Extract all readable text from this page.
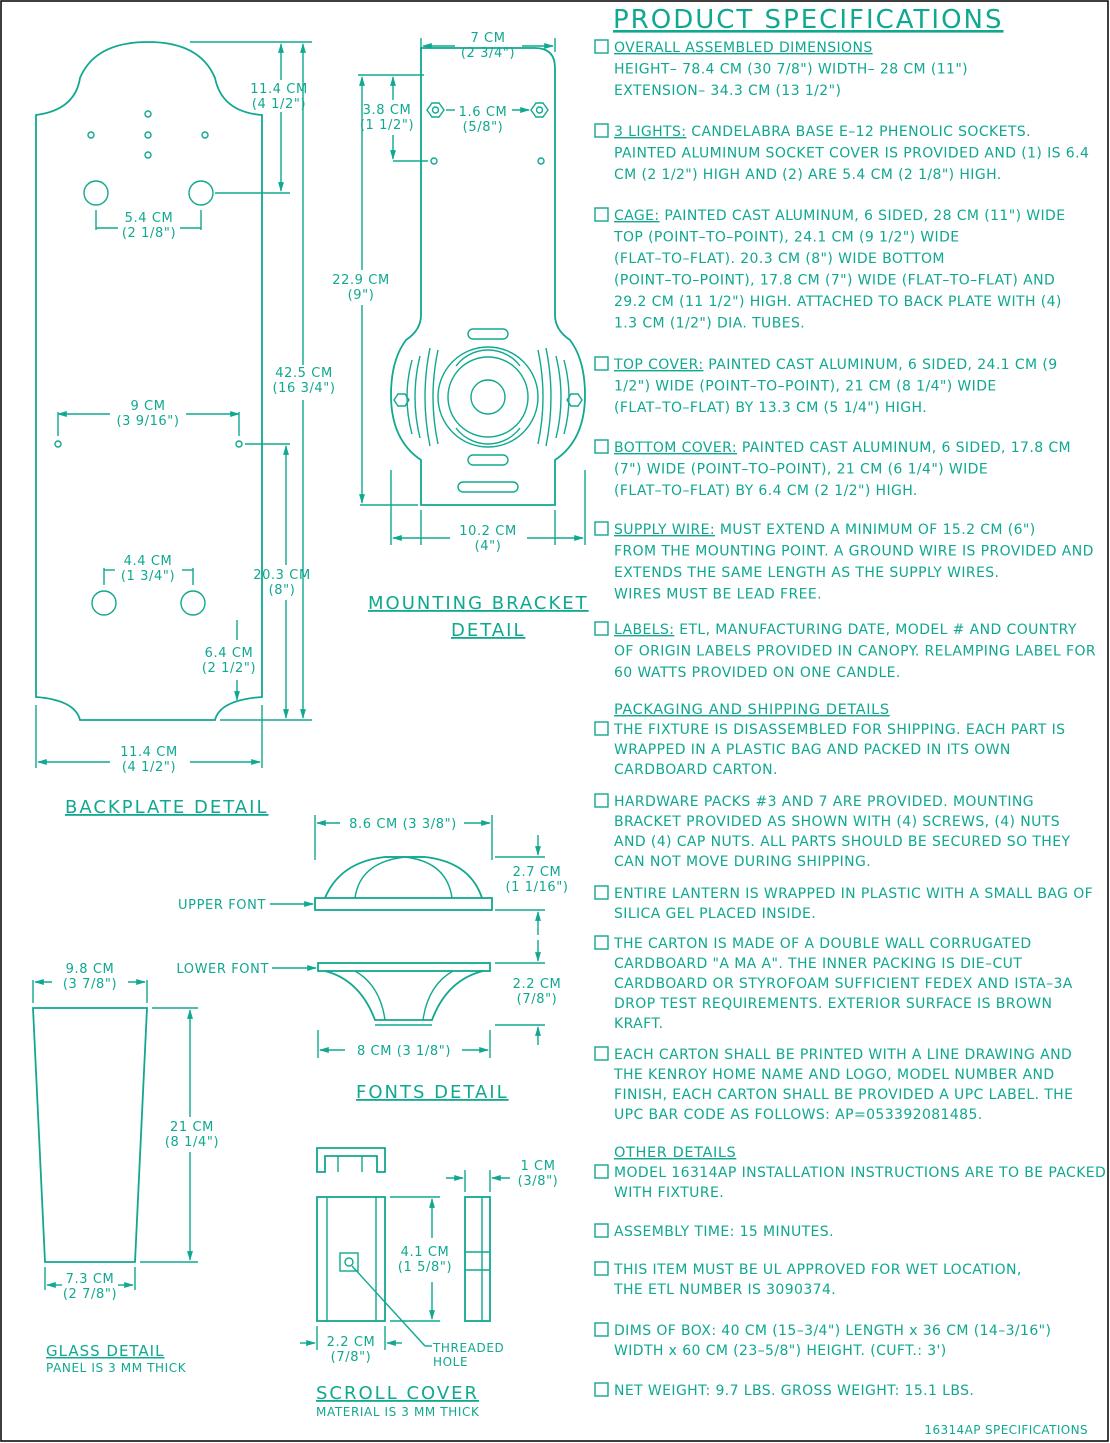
11.4 CM
(4 1/2")
5.4 CM
(2 1/8")
9 CM
(3 9/16")
42.5 CM
(16 3/4")
4.4 CM
(1 3/4")	20.3 CM
(8")
6.4 CM
(2 1/2")
11.4 CM
(4 1/2")
BACKPLATE DETAIL
7 CM
(2 3/4")
3.8 CM
(1 1/2")
1.6 CM
(5/8")
22.9 CM
(9")
10.2 CM
(4")
MOUNTING BRACKET
DETAIL
8.6 CM (3 3/8")
2.7 CM
(1 1/16")
2.2 CM
(7/8")
8 CM (3 1/8")
UPPER FONT
LOWER FONT
FONTS DETAIL
9.8 CM
(3 7/8")
21 CM
(8 1/4")
7.3 CM
(2 7/8")
GLASS DETAIL
PANEL IS 3 MM THICK
1 CM
(3/8")
4.1 CM
(1 5/8")
2.2 CM
(7/8")
THREADED
HOLE
SCROLL COVER
MATERIAL IS 3 MM THICK
PRODUCT SPECIFICATIONS
OVERALL ASSEMBLED DIMENSIONS
HEIGHT– 78.4 CM (30 7/8") WIDTH– 28 CM (11")
EXTENSION– 34.3 CM (13 1/2")
3 LIGHTS: CANDELABRA BASE E–12 PHENOLIC SOCKETS.
PAINTED ALUMINUM SOCKET COVER IS PROVIDED AND (1) IS 6.4
CM (2 1/2") HIGH AND (2) ARE 5.4 CM (2 1/8") HIGH.
CAGE: PAINTED CAST ALUMINUM, 6 SIDED, 28 CM (11") WIDE
TOP (POINT–TO–POINT), 24.1 CM (9 1/2") WIDE
(FLAT–TO–FLAT). 20.3 CM (8") WIDE BOTTOM
(POINT–TO–POINT), 17.8 CM (7") WIDE (FLAT–TO–FLAT) AND
29.2 CM (11 1/2") HIGH. ATTACHED TO BACK PLATE WITH (4)
1.3 CM (1/2") DIA. TUBES.
TOP COVER: PAINTED CAST ALUMINUM, 6 SIDED, 24.1 CM (9
1/2") WIDE (POINT–TO–POINT), 21 CM (8 1/4") WIDE
(FLAT–TO–FLAT) BY 13.3 CM (5 1/4") HIGH.
BOTTOM COVER: PAINTED CAST ALUMINUM, 6 SIDED, 17.8 CM
(7") WIDE (POINT–TO–POINT), 21 CM (6 1/4") WIDE
(FLAT–TO–FLAT) BY 6.4 CM (2 1/2") HIGH.
SUPPLY WIRE: MUST EXTEND A MINIMUM OF 15.2 CM (6")
FROM THE MOUNTING POINT. A GROUND WIRE IS PROVIDED AND
EXTENDS THE SAME LENGTH AS THE SUPPLY WIRES.
WIRES MUST BE LEAD FREE.
LABELS: ETL, MANUFACTURING DATE, MODEL # AND COUNTRY
OF ORIGIN LABELS PROVIDED IN CANOPY. RELAMPING LABEL FOR
60 WATTS PROVIDED ON ONE CANDLE.
PACKAGING AND SHIPPING DETAILS
THE FIXTURE IS DISASSEMBLED FOR SHIPPING. EACH PART IS
WRAPPED IN A PLASTIC BAG AND PACKED IN ITS OWN
CARDBOARD CARTON.
HARDWARE PACKS #3 AND 7 ARE PROVIDED. MOUNTING
BRACKET PROVIDED AS SHOWN WITH (4) SCREWS, (4) NUTS
AND (4) CAP NUTS. ALL PARTS SHOULD BE SECURED SO THEY
CAN NOT MOVE DURING SHIPPING.
ENTIRE LANTERN IS WRAPPED IN PLASTIC WITH A SMALL BAG OF
SILICA GEL PLACED INSIDE.
THE CARTON IS MADE OF A DOUBLE WALL CORRUGATED
CARDBOARD "A MA A". THE INNER PACKING IS DIE–CUT
CARDBOARD OR STYROFOAM SUFFICIENT FEDEX AND ISTA–3A
DROP TEST REQUIREMENTS. EXTERIOR SURFACE IS BROWN
KRAFT.
EACH CARTON SHALL BE PRINTED WITH A LINE DRAWING AND
THE KENROY HOME NAME AND LOGO, MODEL NUMBER AND
FINISH, EACH CARTON SHALL BE PROVIDED A UPC LABEL. THE
UPC BAR CODE AS FOLLOWS: AP=053392081485.
OTHER DETAILS
MODEL 16314AP INSTALLATION INSTRUCTIONS ARE TO BE PACKED
WITH FIXTURE.
ASSEMBLY TIME: 15 MINUTES.
THIS ITEM MUST BE UL APPROVED FOR WET LOCATION,
THE ETL NUMBER IS 3090374.
DIMS OF BOX: 40 CM (15–3/4") LENGTH x 36 CM (14–3/16")
WIDTH x 60 CM (23–5/8") HEIGHT. (CUFT.: 3')
NET WEIGHT: 9.7 LBS. GROSS WEIGHT: 15.1 LBS.
16314AP SPECIFICATIONS
